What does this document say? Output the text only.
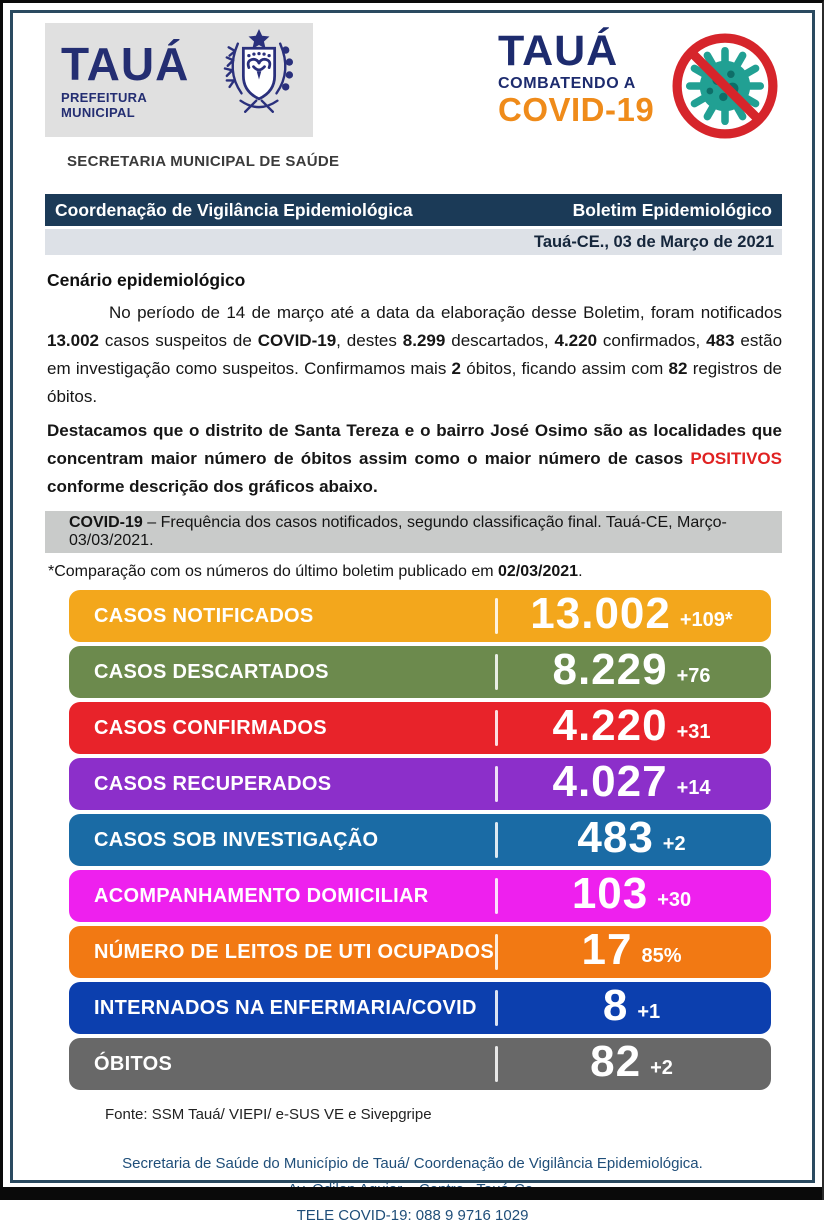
TAUÁ
PREFEITURA MUNICIPAL
TAUÁ
COMBATENDO A
COVID-19
SECRETARIA MUNICIPAL DE SAÚDE
Coordenação de Vigilância Epidemiológica	Boletim Epidemiológico
Tauá-CE., 03 de Março de 2021
Cenário epidemiológico

No período de 14 de março até a data da elaboração desse Boletim, foram notificados 13.002 casos suspeitos de COVID-19, destes 8.299 descartados, 4.220 confirmados, 483 estão em investigação como suspeitos. Confirmamos mais 2 óbitos, ficando assim com 82 registros de óbitos.

Destacamos que o distrito de Santa Tereza e o bairro José Osimo são as localidades que concentram maior número de óbitos assim como o maior número de casos POSITIVOS conforme descrição dos gráficos abaixo.

COVID-19 – Frequência dos casos notificados, segundo classificação final. Tauá-CE, Março-03/03/2021.

*Comparação com os números do último boletim publicado em 02/03/2021.

CASOS NOTIFICADOS	13.002 +109*
CASOS DESCARTADOS	8.229 +76
CASOS CONFIRMADOS	4.220 +31
CASOS RECUPERADOS	4.027 +14
CASOS SOB INVESTIGAÇÃO	483 +2
ACOMPANHAMENTO DOMICILIAR	103 +30
NÚMERO DE LEITOS DE UTI OCUPADOS 17 85%
INTERNADOS NA ENFERMARIA/COVID	8 +1
ÓBITOS	82 +2

Fonte: SSM Tauá/ VIEPI/ e-SUS VE e Sivepgripe

Secretaria de Saúde do Município de Tauá/ Coordenação de Vigilância Epidemiológica.
TELE COVID-19: 088 9 9716 1029
